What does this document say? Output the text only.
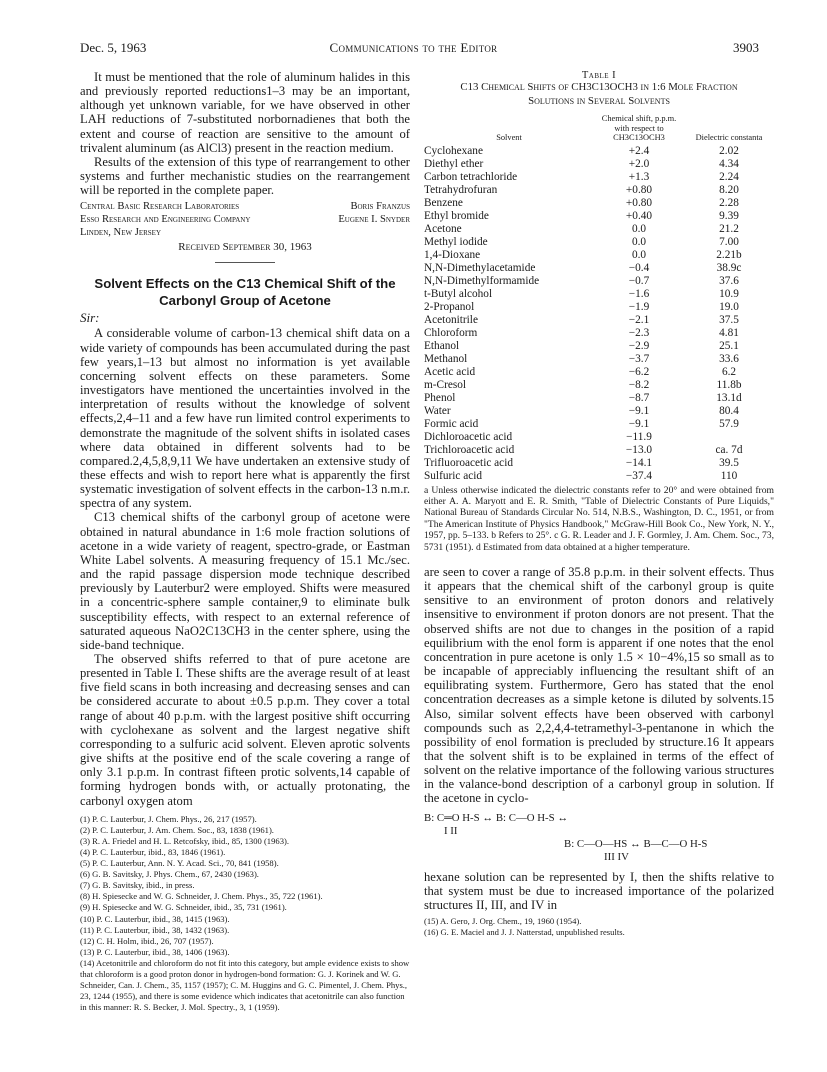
Dec. 5, 1963	Communications to the Editor	3903

It must be mentioned that the role of aluminum halides in this and previously reported reductions1–3 may be an important, although yet unknown variable, for we have observed in other LAH reductions of 7-substituted norbornadienes that both the extent and course of reaction are sensitive to the amount of trivalent aluminum (as AlCl3) present in the reaction medium.

Results of the extension of this type of rearrangement to other systems and further mechanistic studies on the rearrangement will be reported in the complete paper.

Central Basic Research Laboratories	Boris Franzus
Esso Research and Engineering Company	Eugene I. Snyder
Linden, New Jersey

Received September 30, 1963

Solvent Effects on the C13 Chemical Shift of the Carbonyl Group of Acetone

Sir:

A considerable volume of carbon-13 chemical shift data on a wide variety of compounds has been accumulated during the past few years,1–13 but almost no information is yet available concerning solvent effects on these parameters. Some investigators have mentioned the uncertainties involved in the interpretation of results without the knowledge of solvent effects,2,4–11 and a few have run limited control experiments to demonstrate the magnitude of the solvent shifts in isolated cases where data obtained in different solvents had to be compared.2,4,5,8,9,11 We have undertaken an extensive study of these effects and wish to report here what is apparently the first systematic investigation of solvent effects in the carbon-13 n.m.r. spectra of any system.

C13 chemical shifts of the carbonyl group of acetone were obtained in natural abundance in 1:6 mole fraction solutions of acetone in a wide variety of reagent, spectro-grade, or Eastman White Label solvents. A measuring frequency of 15.1 Mc./sec. and the rapid passage dispersion mode technique described previously by Lauterbur2 were employed. Shifts were measured in a concentric-sphere sample container,9 to eliminate bulk susceptibility effects, with respect to an external reference of saturated aqueous NaO2C13CH3 in the center sphere, using the side-band technique.

The observed shifts referred to that of pure acetone are presented in Table I. These shifts are the average result of at least five field scans in both increasing and decreasing senses and can be considered accurate to about ±0.5 p.p.m. They cover a total range of about 40 p.p.m. with the largest positive shift occurring with cyclohexane as solvent and the largest negative shift corresponding to a sulfuric acid solvent. Eleven aprotic solvents give shifts at the positive end of the scale covering a range of only 3.1 p.p.m. In contrast fifteen protic solvents,14 capable of forming hydrogen bonds with, or actually protonating, the carbonyl oxygen atom

(1) P. C. Lauterbur, J. Chem. Phys., 26, 217 (1957).
(2) P. C. Lauterbur, J. Am. Chem. Soc., 83, 1838 (1961).
(3) R. A. Friedel and H. L. Retcofsky, ibid., 85, 1300 (1963).
(4) P. C. Lauterbur, ibid., 83, 1846 (1961).
(5) P. C. Lauterbur, Ann. N. Y. Acad. Sci., 70, 841 (1958).
(6) G. B. Savitsky, J. Phys. Chem., 67, 2430 (1963).
(7) G. B. Savitsky, ibid., in press.
(8) H. Spiesecke and W. G. Schneider, J. Chem. Phys., 35, 722 (1961).
(9) H. Spiesecke and W. G. Schneider, ibid., 35, 731 (1961).
(10) P. C. Lauterbur, ibid., 38, 1415 (1963).
(11) P. C. Lauterbur, ibid., 38, 1432 (1963).
(12) C. H. Holm, ibid., 26, 707 (1957).
(13) P. C. Lauterbur, ibid., 38, 1406 (1963).
(14) Acetonitrile and chloroform do not fit into this category, but ample evidence exists to show that chloroform is a good proton donor in hydrogen-bond formation: G. J. Korinek and W. G. Schneider, Can. J. Chem., 35, 1157 (1957); C. M. Huggins and G. C. Pimentel, J. Chem. Phys., 23, 1244 (1955), and there is some evidence which indicates that acetonitrile can also function in this manner: R. S. Becker, J. Mol. Spectry., 3, 1 (1959).

Table I

C13 Chemical Shifts of CH3C13OCH3 in 1:6 Mole Fraction

Solutions in Several Solvents

Solvent	Chemical shift, p.p.m. with respect to CH3C13OCH3	Dielectric constanta
Cyclohexane	+2.4	2.02
Diethyl ether	+2.0	4.34
Carbon tetrachloride	+1.3	2.24
Tetrahydrofuran	+0.80	8.20
Benzene	+0.80	2.28
Ethyl bromide	+0.40	9.39
Acetone	0.0	21.2
Methyl iodide	0.0	7.00
1,4-Dioxane	0.0	2.21b
N,N-Dimethylacetamide	−0.4	38.9c
N,N-Dimethylformamide	−0.7	37.6
t-Butyl alcohol	−1.6	10.9
2-Propanol	−1.9	19.0
Acetonitrile	−2.1	37.5
Chloroform	−2.3	4.81
Ethanol	−2.9	25.1
Methanol	−3.7	33.6
Acetic acid	−6.2	6.2
m-Cresol	−8.2	11.8b
Phenol	−8.7	13.1d
Water	−9.1	80.4
Formic acid	−9.1	57.9
Dichloroacetic acid	−11.9	
Trichloroacetic acid	−13.0	ca. 7d
Trifluoroacetic acid	−14.1	39.5
Sulfuric acid	−37.4	110

a Unless otherwise indicated the dielectric constants refer to 20° and were obtained from either A. A. Maryott and E. R. Smith, "Table of Dielectric Constants of Pure Liquids," National Bureau of Standards Circular No. 514, N.B.S., Washington, D. C., 1951, or from "The American Institute of Physics Handbook," McGraw-Hill Book Co., New York, N. Y., 1957, pp. 5–133. b Refers to 25°. c G. R. Leader and J. F. Gormley, J. Am. Chem. Soc., 73, 5731 (1951). d Estimated from data obtained at a higher temperature.

are seen to cover a range of 35.8 p.p.m. in their solvent effects. Thus it appears that the chemical shift of the carbonyl group is quite sensitive to an environment of proton donors and relatively insensitive to environment if proton donors are not present. That the observed shifts are not due to changes in the position of a rapid equilibrium with the enol form is apparent if one notes that the enol concentration in pure acetone is only 1.5 × 10−4%,15 so small as to be incapable of appreciably influencing the resultant shift of an equilibrating system. Furthermore, Gero has stated that the enol concentration decreases as a simple ketone is diluted by solvents.15 Also, similar solvent effects have been observed with carbonyl compounds such as 2,2,4,4-tetramethyl-3-pentanone in which the possibility of enol formation is precluded by structure.16 It appears that the solvent shift is to be explained in terms of the effect of solvent on the relative importance of the following various structures in the valance-bond description of a carbonyl group in solution. If the acetone in cyclo-

B: C═O H-S ↔ B: C—O H-S ↔
I II
B: C—O—HS ↔ B—C—O H-S
III IV

hexane solution can be represented by I, then the shifts relative to that system must be due to increased importance of the polarized structures II, III, and IV in

(15) A. Gero, J. Org. Chem., 19, 1960 (1954).
(16) G. E. Maciel and J. J. Natterstad, unpublished results.
